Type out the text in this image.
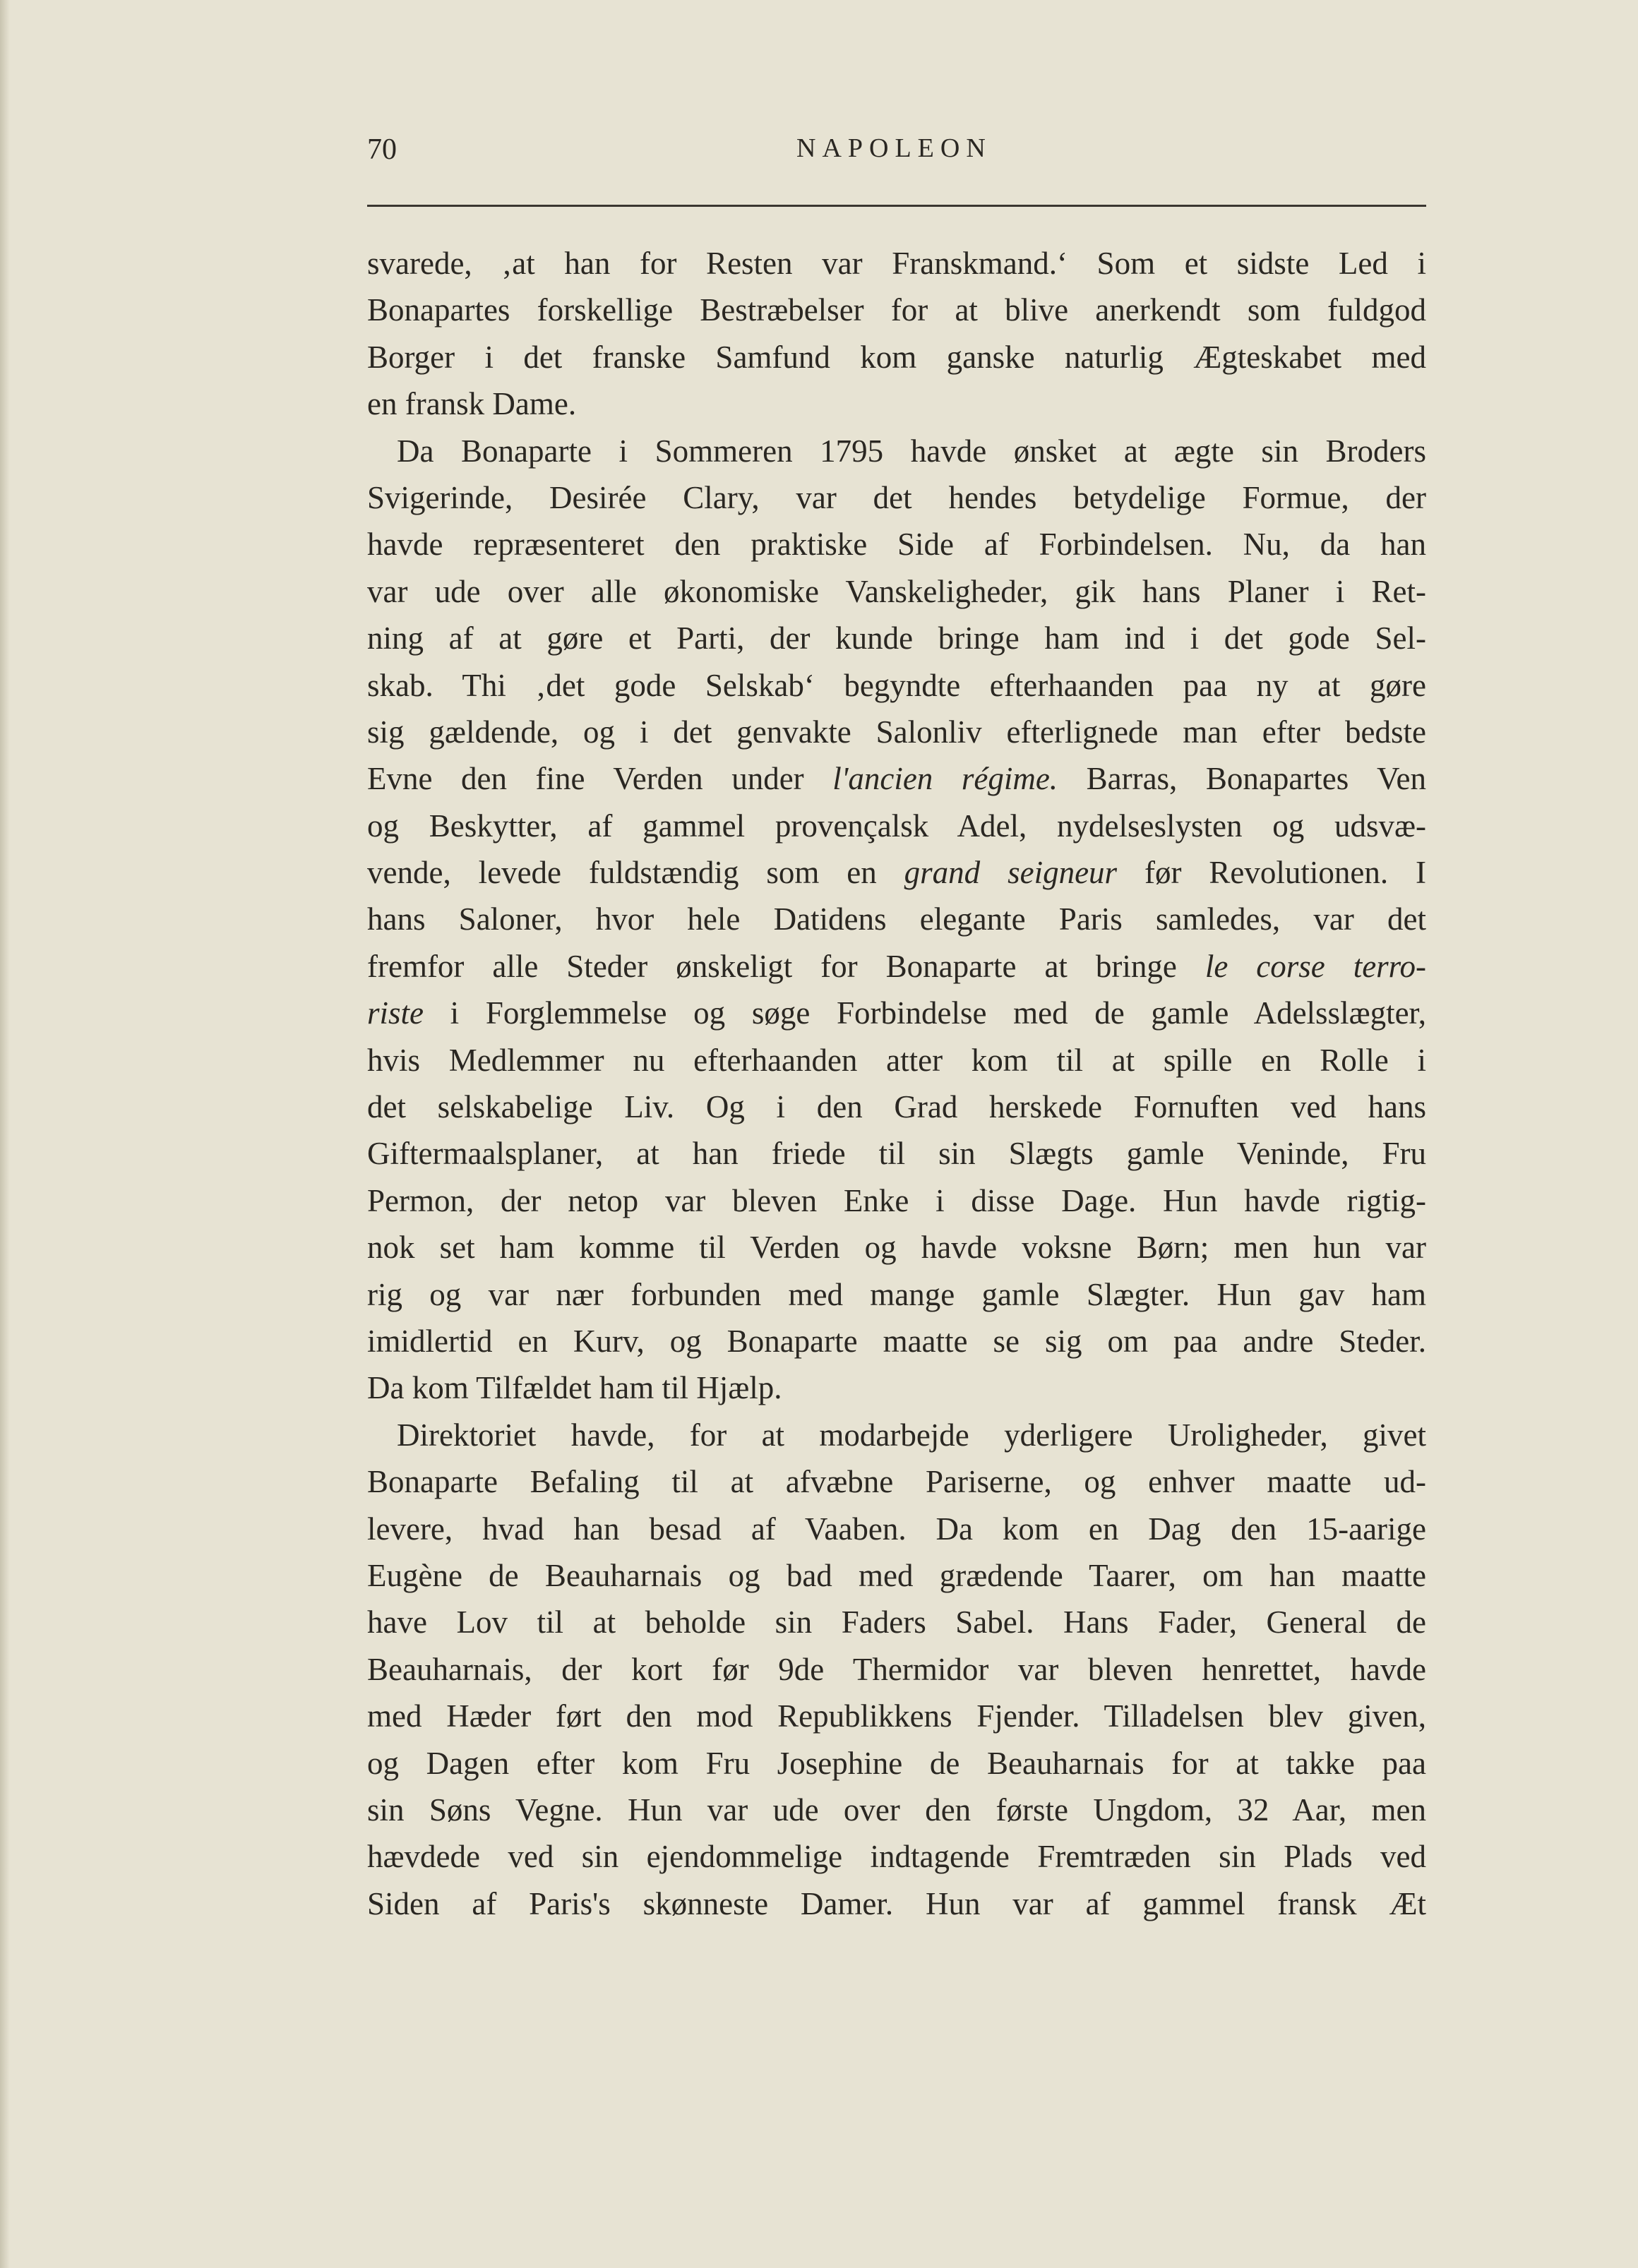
70	NAPOLEON
svarede, ‚at han for Resten var Franskmand.‘ Som et sidste Led i
Bonapartes forskellige Bestræbelser for at blive anerkendt som fuldgod
Borger i det franske Samfund kom ganske naturlig Ægteskabet med
en fransk Dame.
Da Bonaparte i Sommeren 1795 havde ønsket at ægte sin Broders
Svigerinde, Desirée Clary, var det hendes betydelige Formue, der
havde repræsenteret den praktiske Side af Forbindelsen. Nu, da han
var ude over alle økonomiske Vanskeligheder, gik hans Planer i Ret-
ning af at gøre et Parti, der kunde bringe ham ind i det gode Sel-
skab. Thi ‚det gode Selskab‘ begyndte efterhaanden paa ny at gøre
sig gældende, og i det genvakte Salonliv efterlignede man efter bedste
Evne den fine Verden under l'ancien régime. Barras, Bonapartes Ven
og Beskytter, af gammel provençalsk Adel, nydelseslysten og udsvæ-
vende, levede fuldstændig som en grand seigneur før Revolutionen. I
hans Saloner, hvor hele Datidens elegante Paris samledes, var det
fremfor alle Steder ønskeligt for Bonaparte at bringe le corse terro-
riste i Forglemmelse og søge Forbindelse med de gamle Adelsslægter,
hvis Medlemmer nu efterhaanden atter kom til at spille en Rolle i
det selskabelige Liv. Og i den Grad herskede Fornuften ved hans
Giftermaalsplaner, at han friede til sin Slægts gamle Veninde, Fru
Permon, der netop var bleven Enke i disse Dage. Hun havde rigtig-
nok set ham komme til Verden og havde voksne Børn; men hun var
rig og var nær forbunden med mange gamle Slægter. Hun gav ham
imidlertid en Kurv, og Bonaparte maatte se sig om paa andre Steder.
Da kom Tilfældet ham til Hjælp.
Direktoriet havde, for at modarbejde yderligere Uroligheder, givet
Bonaparte Befaling til at afvæbne Pariserne, og enhver maatte ud-
levere, hvad han besad af Vaaben. Da kom en Dag den 15-aarige
Eugène de Beauharnais og bad med grædende Taarer, om han maatte
have Lov til at beholde sin Faders Sabel. Hans Fader, General de
Beauharnais, der kort før 9de Thermidor var bleven henrettet, havde
med Hæder ført den mod Republikkens Fjender. Tilladelsen blev given,
og Dagen efter kom Fru Josephine de Beauharnais for at takke paa
sin Søns Vegne. Hun var ude over den første Ungdom, 32 Aar, men
hævdede ved sin ejendommelige indtagende Fremtræden sin Plads ved
Siden af Paris's skønneste Damer. Hun var af gammel fransk Æt
